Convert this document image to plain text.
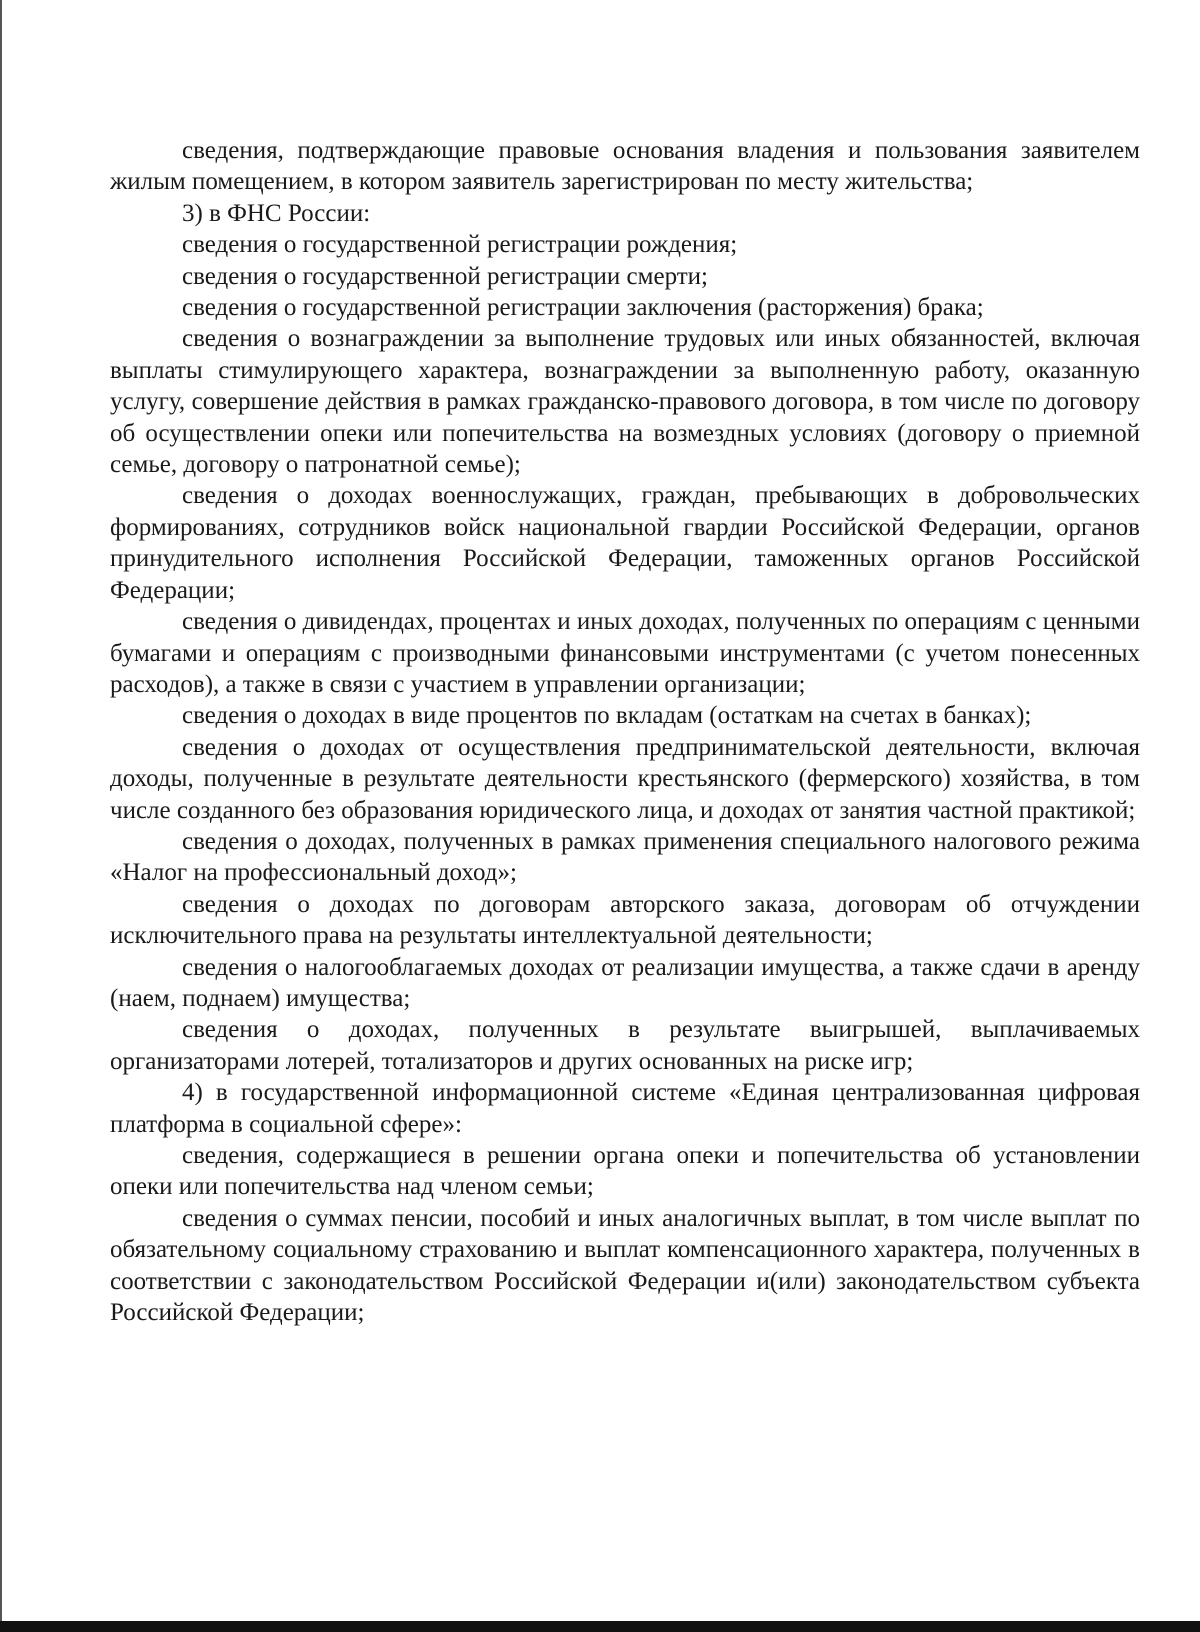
сведения, подтверждающие правовые основания владения и пользования заявителем жилым помещением, в котором заявитель зарегистрирован по месту жительства;

3) в ФНС России:

сведения о государственной регистрации рождения;

сведения о государственной регистрации смерти;

сведения о государственной регистрации заключения (расторжения) брака;

сведения о вознаграждении за выполнение трудовых или иных обязанностей, включая выплаты стимулирующего характера, вознаграждении за выполненную работу, оказанную услугу, совершение действия в рамках гражданско-правового договора, в том числе по договору об осуществлении опеки или попечительства на возмездных условиях (договору о приемной семье, договору о патронатной семье);

сведения о доходах военнослужащих, граждан, пребывающих в добровольческих формированиях, сотрудников войск национальной гвардии Российской Федерации, органов принудительного исполнения Российской Федерации, таможенных органов Российской Федерации;

сведения о дивидендах, процентах и иных доходах, полученных по операциям с ценными бумагами и операциям с производными финансовыми инструментами (с учетом понесенных расходов), а также в связи с участием в управлении организации;

сведения о доходах в виде процентов по вкладам (остаткам на счетах в банках);

сведения о доходах от осуществления предпринимательской деятельности, включая доходы, полученные в результате деятельности крестьянского (фермерского) хозяйства, в том числе созданного без образования юридического лица, и доходах от занятия частной практикой;

сведения о доходах, полученных в рамках применения специального налогового режима «Налог на профессиональный доход»;

сведения о доходах по договорам авторского заказа, договорам об отчуждении исключительного права на результаты интеллектуальной деятельности;

сведения о налогооблагаемых доходах от реализации имущества, а также сдачи в аренду (наем, поднаем) имущества;

сведения о доходах, полученных в результате выигрышей, выплачиваемых организаторами лотерей, тотализаторов и других основанных на риске игр;

4) в государственной информационной системе «Единая централизованная цифровая платформа в социальной сфере»:

сведения, содержащиеся в решении органа опеки и попечительства об установлении опеки или попечительства над членом семьи;

сведения о суммах пенсии, пособий и иных аналогичных выплат, в том числе выплат по обязательному социальному страхованию и выплат компенсационного характера, полученных в соответствии с законодательством Российской Федерации и(или) законодательством субъекта Российской Федерации;
